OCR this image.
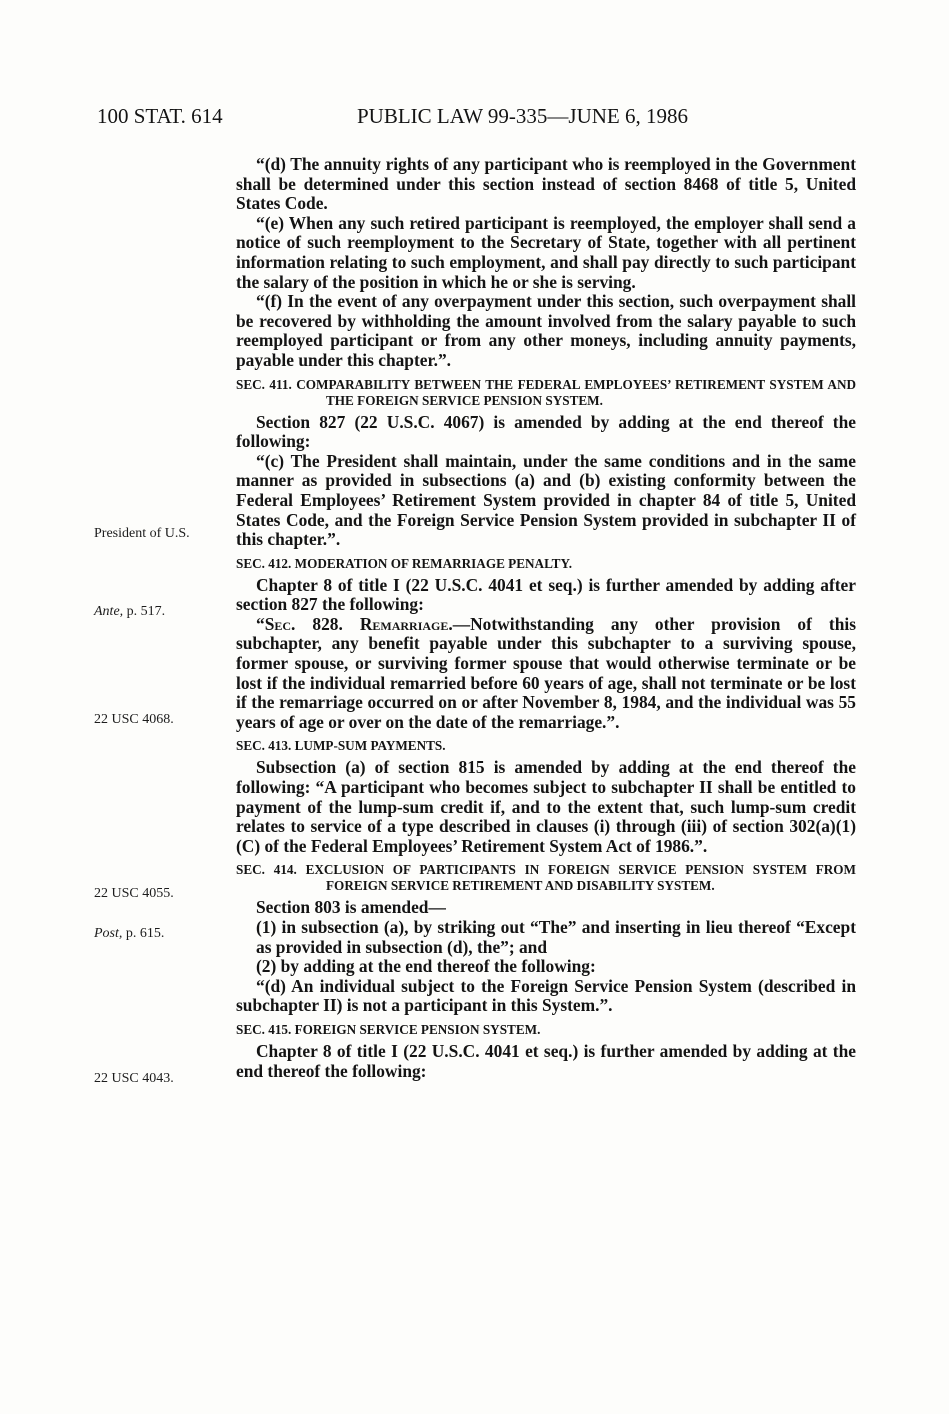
100 STAT. 614	PUBLIC LAW 99-335—JUNE 6, 1986
President of U.S.
Ante, p. 517.
22 USC 4068.
22 USC 4055.
Post, p. 615.
22 USC 4043.

“(d) The annuity rights of any participant who is reemployed in the Government shall be determined under this section instead of section 8468 of title 5, United States Code.

“(e) When any such retired participant is reemployed, the employer shall send a notice of such reemployment to the Secretary of State, together with all pertinent information relating to such employment, and shall pay directly to such participant the salary of the position in which he or she is serving.

“(f) In the event of any overpayment under this section, such overpayment shall be recovered by withholding the amount involved from the salary payable to such reemployed participant or from any other moneys, including annuity payments, payable under this chapter.”.

SEC. 411. COMPARABILITY BETWEEN THE FEDERAL EMPLOYEES’ RETIREMENT SYSTEM AND THE FOREIGN SERVICE PENSION SYSTEM.

Section 827 (22 U.S.C. 4067) is amended by adding at the end thereof the following:

“(c) The President shall maintain, under the same conditions and in the same manner as provided in subsections (a) and (b) existing conformity between the Federal Employees’ Retirement System provided in chapter 84 of title 5, United States Code, and the Foreign Service Pension System provided in subchapter II of this chapter.”.

SEC. 412. MODERATION OF REMARRIAGE PENALTY.

Chapter 8 of title I (22 U.S.C. 4041 et seq.) is further amended by adding after section 827 the following:

“Sec. 828. Remarriage.—Notwithstanding any other provision of this subchapter, any benefit payable under this subchapter to a surviving spouse, former spouse, or surviving former spouse that would otherwise terminate or be lost if the individual remarried before 60 years of age, shall not terminate or be lost if the remarriage occurred on or after November 8, 1984, and the individual was 55 years of age or over on the date of the remarriage.”.

SEC. 413. LUMP-SUM PAYMENTS.

Subsection (a) of section 815 is amended by adding at the end thereof the following: “A participant who becomes subject to subchapter II shall be entitled to payment of the lump-sum credit if, and to the extent that, such lump-sum credit relates to service of a type described in clauses (i) through (iii) of section 302(a)(1)(C) of the Federal Employees’ Retirement System Act of 1986.”.

SEC. 414. EXCLUSION OF PARTICIPANTS IN FOREIGN SERVICE PENSION SYSTEM FROM FOREIGN SERVICE RETIREMENT AND DISABILITY SYSTEM.

Section 803 is amended—

(1) in subsection (a), by striking out “The” and inserting in lieu thereof “Except as provided in subsection (d), the”; and

(2) by adding at the end thereof the following:

“(d) An individual subject to the Foreign Service Pension System (described in subchapter II) is not a participant in this System.”.

SEC. 415. FOREIGN SERVICE PENSION SYSTEM.

Chapter 8 of title I (22 U.S.C. 4041 et seq.) is further amended by adding at the end thereof the following:
